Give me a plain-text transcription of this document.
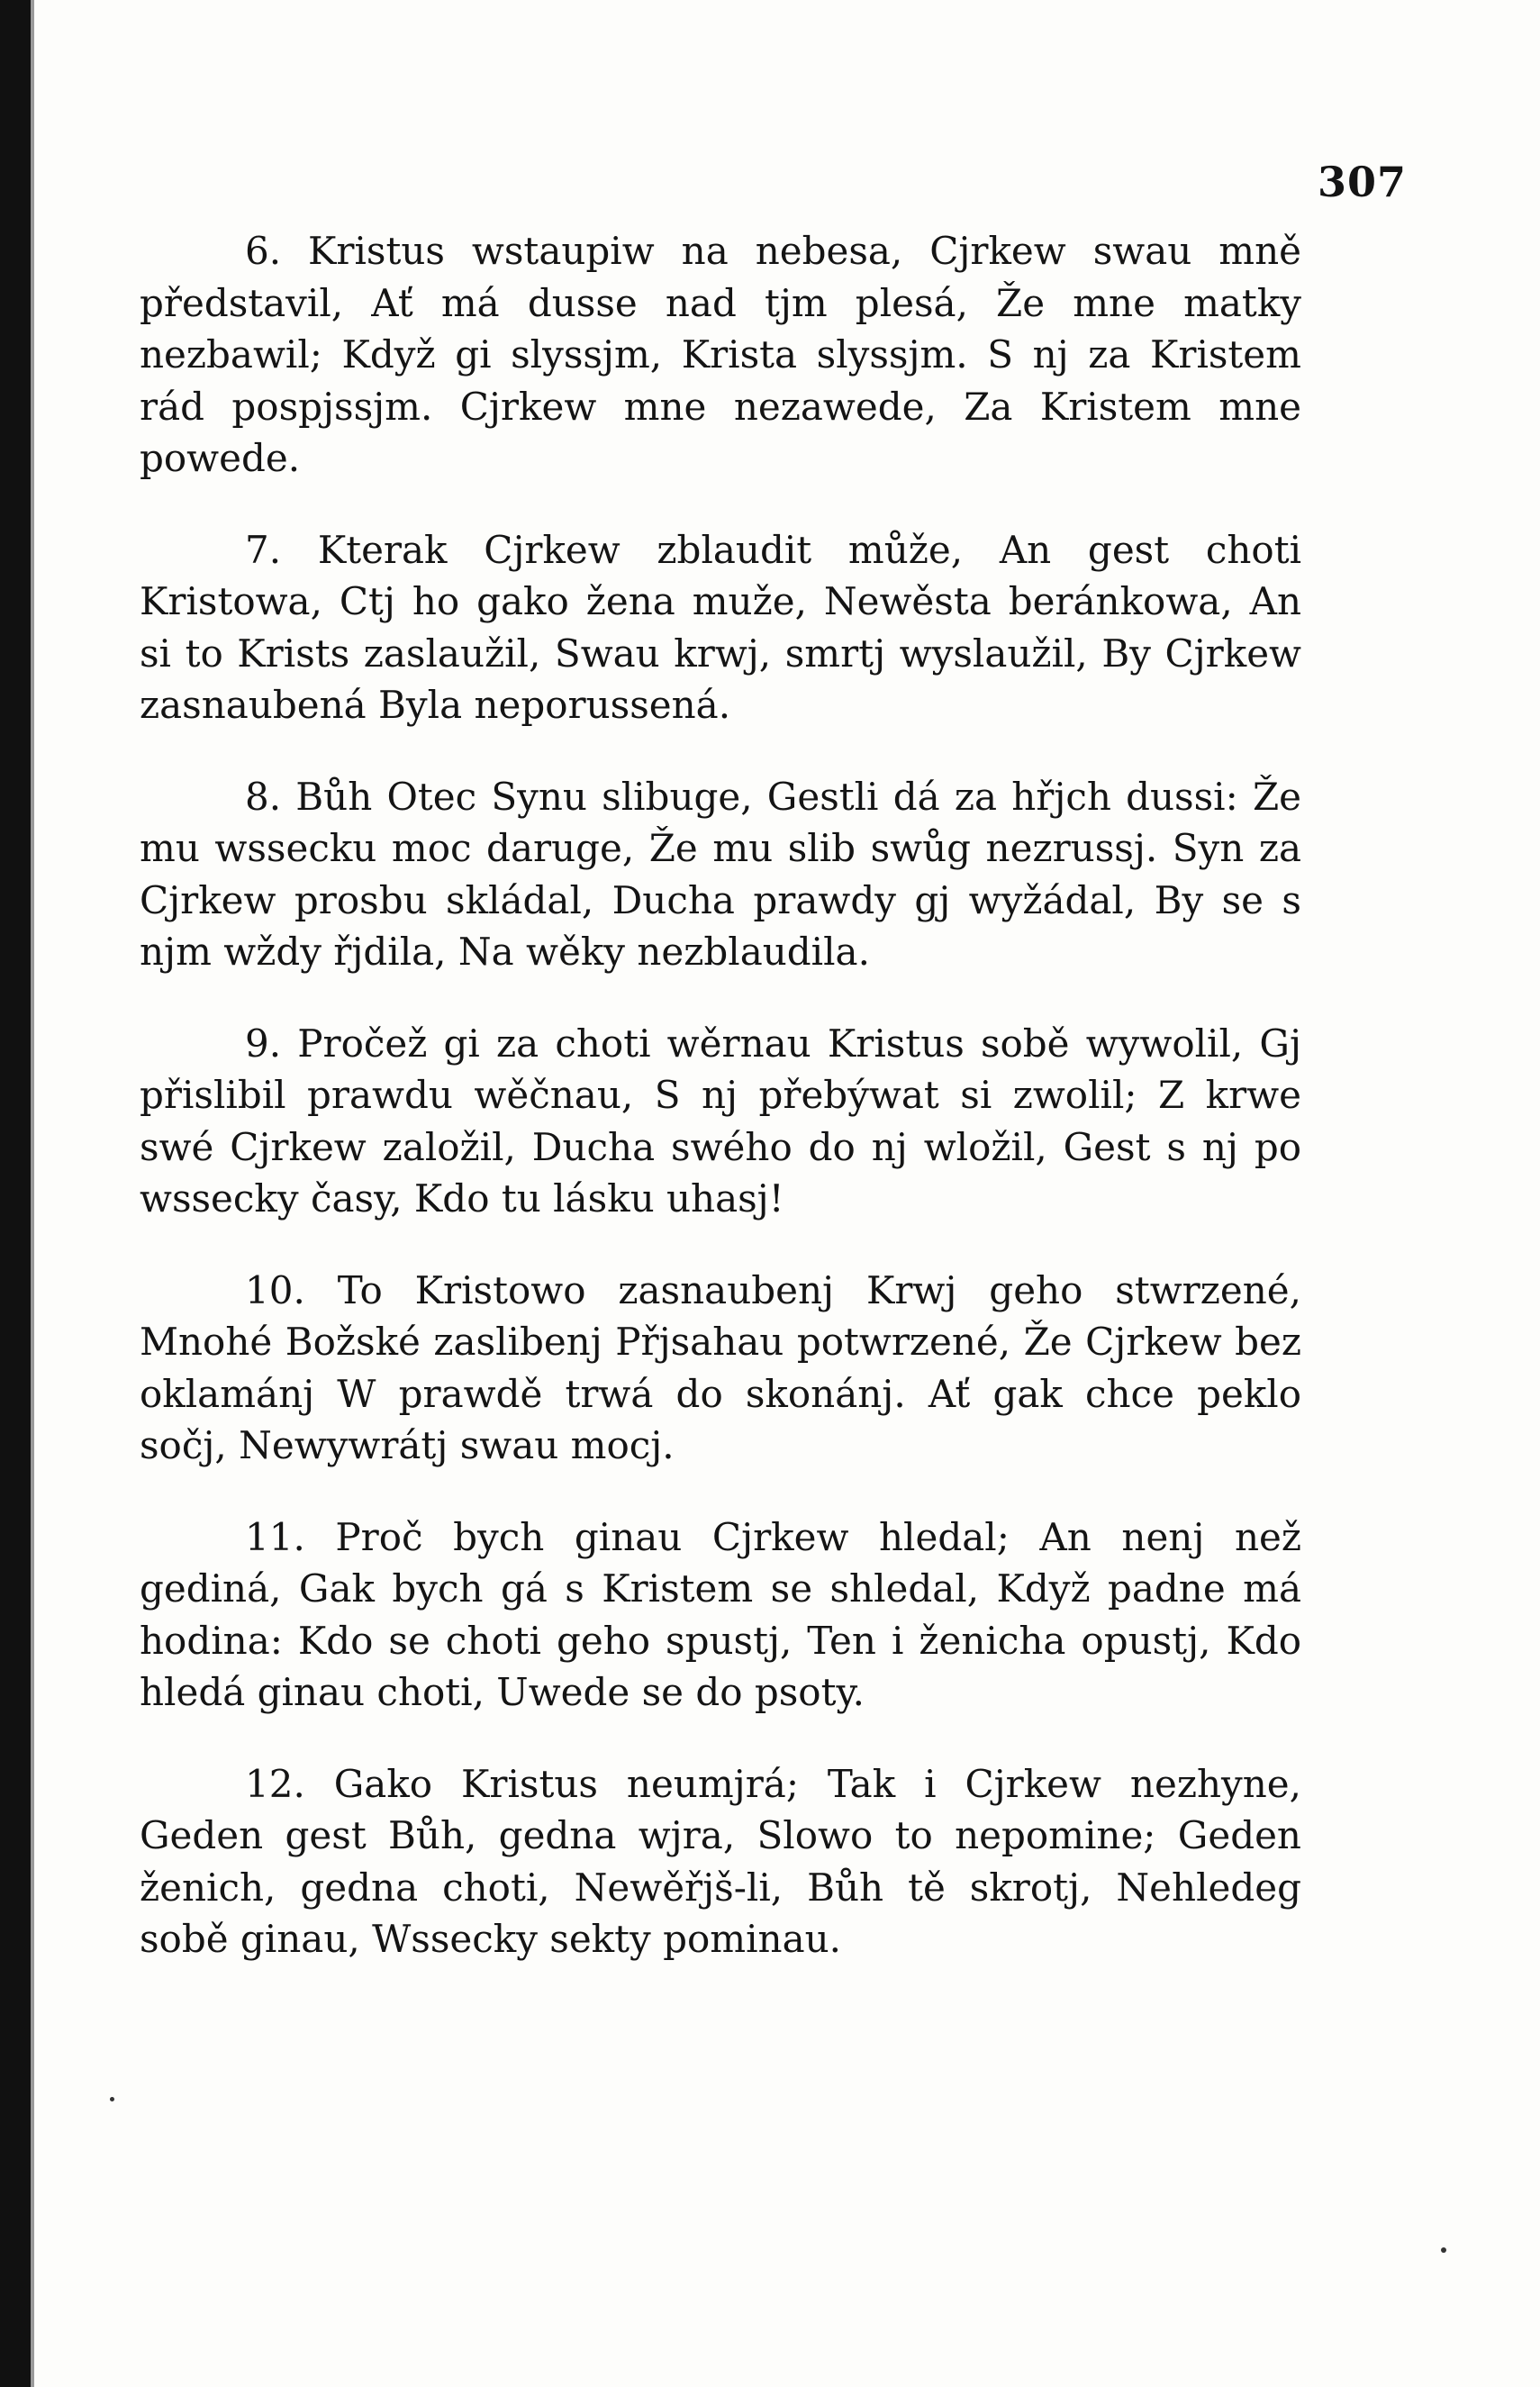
307

6. Kristus wstaupiw na nebesa, Cjrkew swau mně představil, Ať má dusse nad tjm plesá, Že mne matky nezbawil; Když gi slyssjm, Krista slyssjm. S nj za Kristem rád pospjssjm. Cjrkew mne nezawede, Za Kristem mne powede.

7. Kterak Cjrkew zblaudit může, An gest choti Kristowa, Ctj ho gako žena muže, Newěsta beránkowa, An si to Krists zaslaužil, Swau krwj, smrtj wyslaužil, By Cjrkew zasnaubená Byla neporussená.

8. Bůh Otec Synu slibuge, Gestli dá za hřjch dussi: Že mu wssecku moc daruge, Že mu slib swůg nezrussj. Syn za Cjrkew prosbu skládal, Ducha prawdy gj wyžádal, By se s njm wždy řjdila, Na wěky nezblaudila.

9. Pročež gi za choti wěrnau Kristus sobě wywolil, Gj přislibil prawdu wěčnau, S nj přebýwat si zwolil; Z krwe swé Cjrkew založil, Ducha swého do nj wložil, Gest s nj po wssecky časy, Kdo tu lásku uhasj!

10. To Kristowo zasnaubenj Krwj geho stwrzené, Mnohé Božské zaslibenj Přjsahau potwrzené, Že Cjrkew bez oklamánj W prawdě trwá do skonánj. Ať gak chce peklo sočj, Newywrátj swau mocj.

11. Proč bych ginau Cjrkew hledal; An nenj než gediná, Gak bych gá s Kristem se shledal, Když padne má hodina: Kdo se choti geho spustj, Ten i ženicha opustj, Kdo hledá ginau choti, Uwede se do psoty.

12. Gako Kristus neumjrá; Tak i Cjrkew nezhyne, Geden gest Bůh, gedna wjra, Slowo to nepominе; Geden ženich, gedna choti, Newěřjš-li, Bůh tě skrotj, Nehledeg sobě ginau, Wssecky sekty pominau.
